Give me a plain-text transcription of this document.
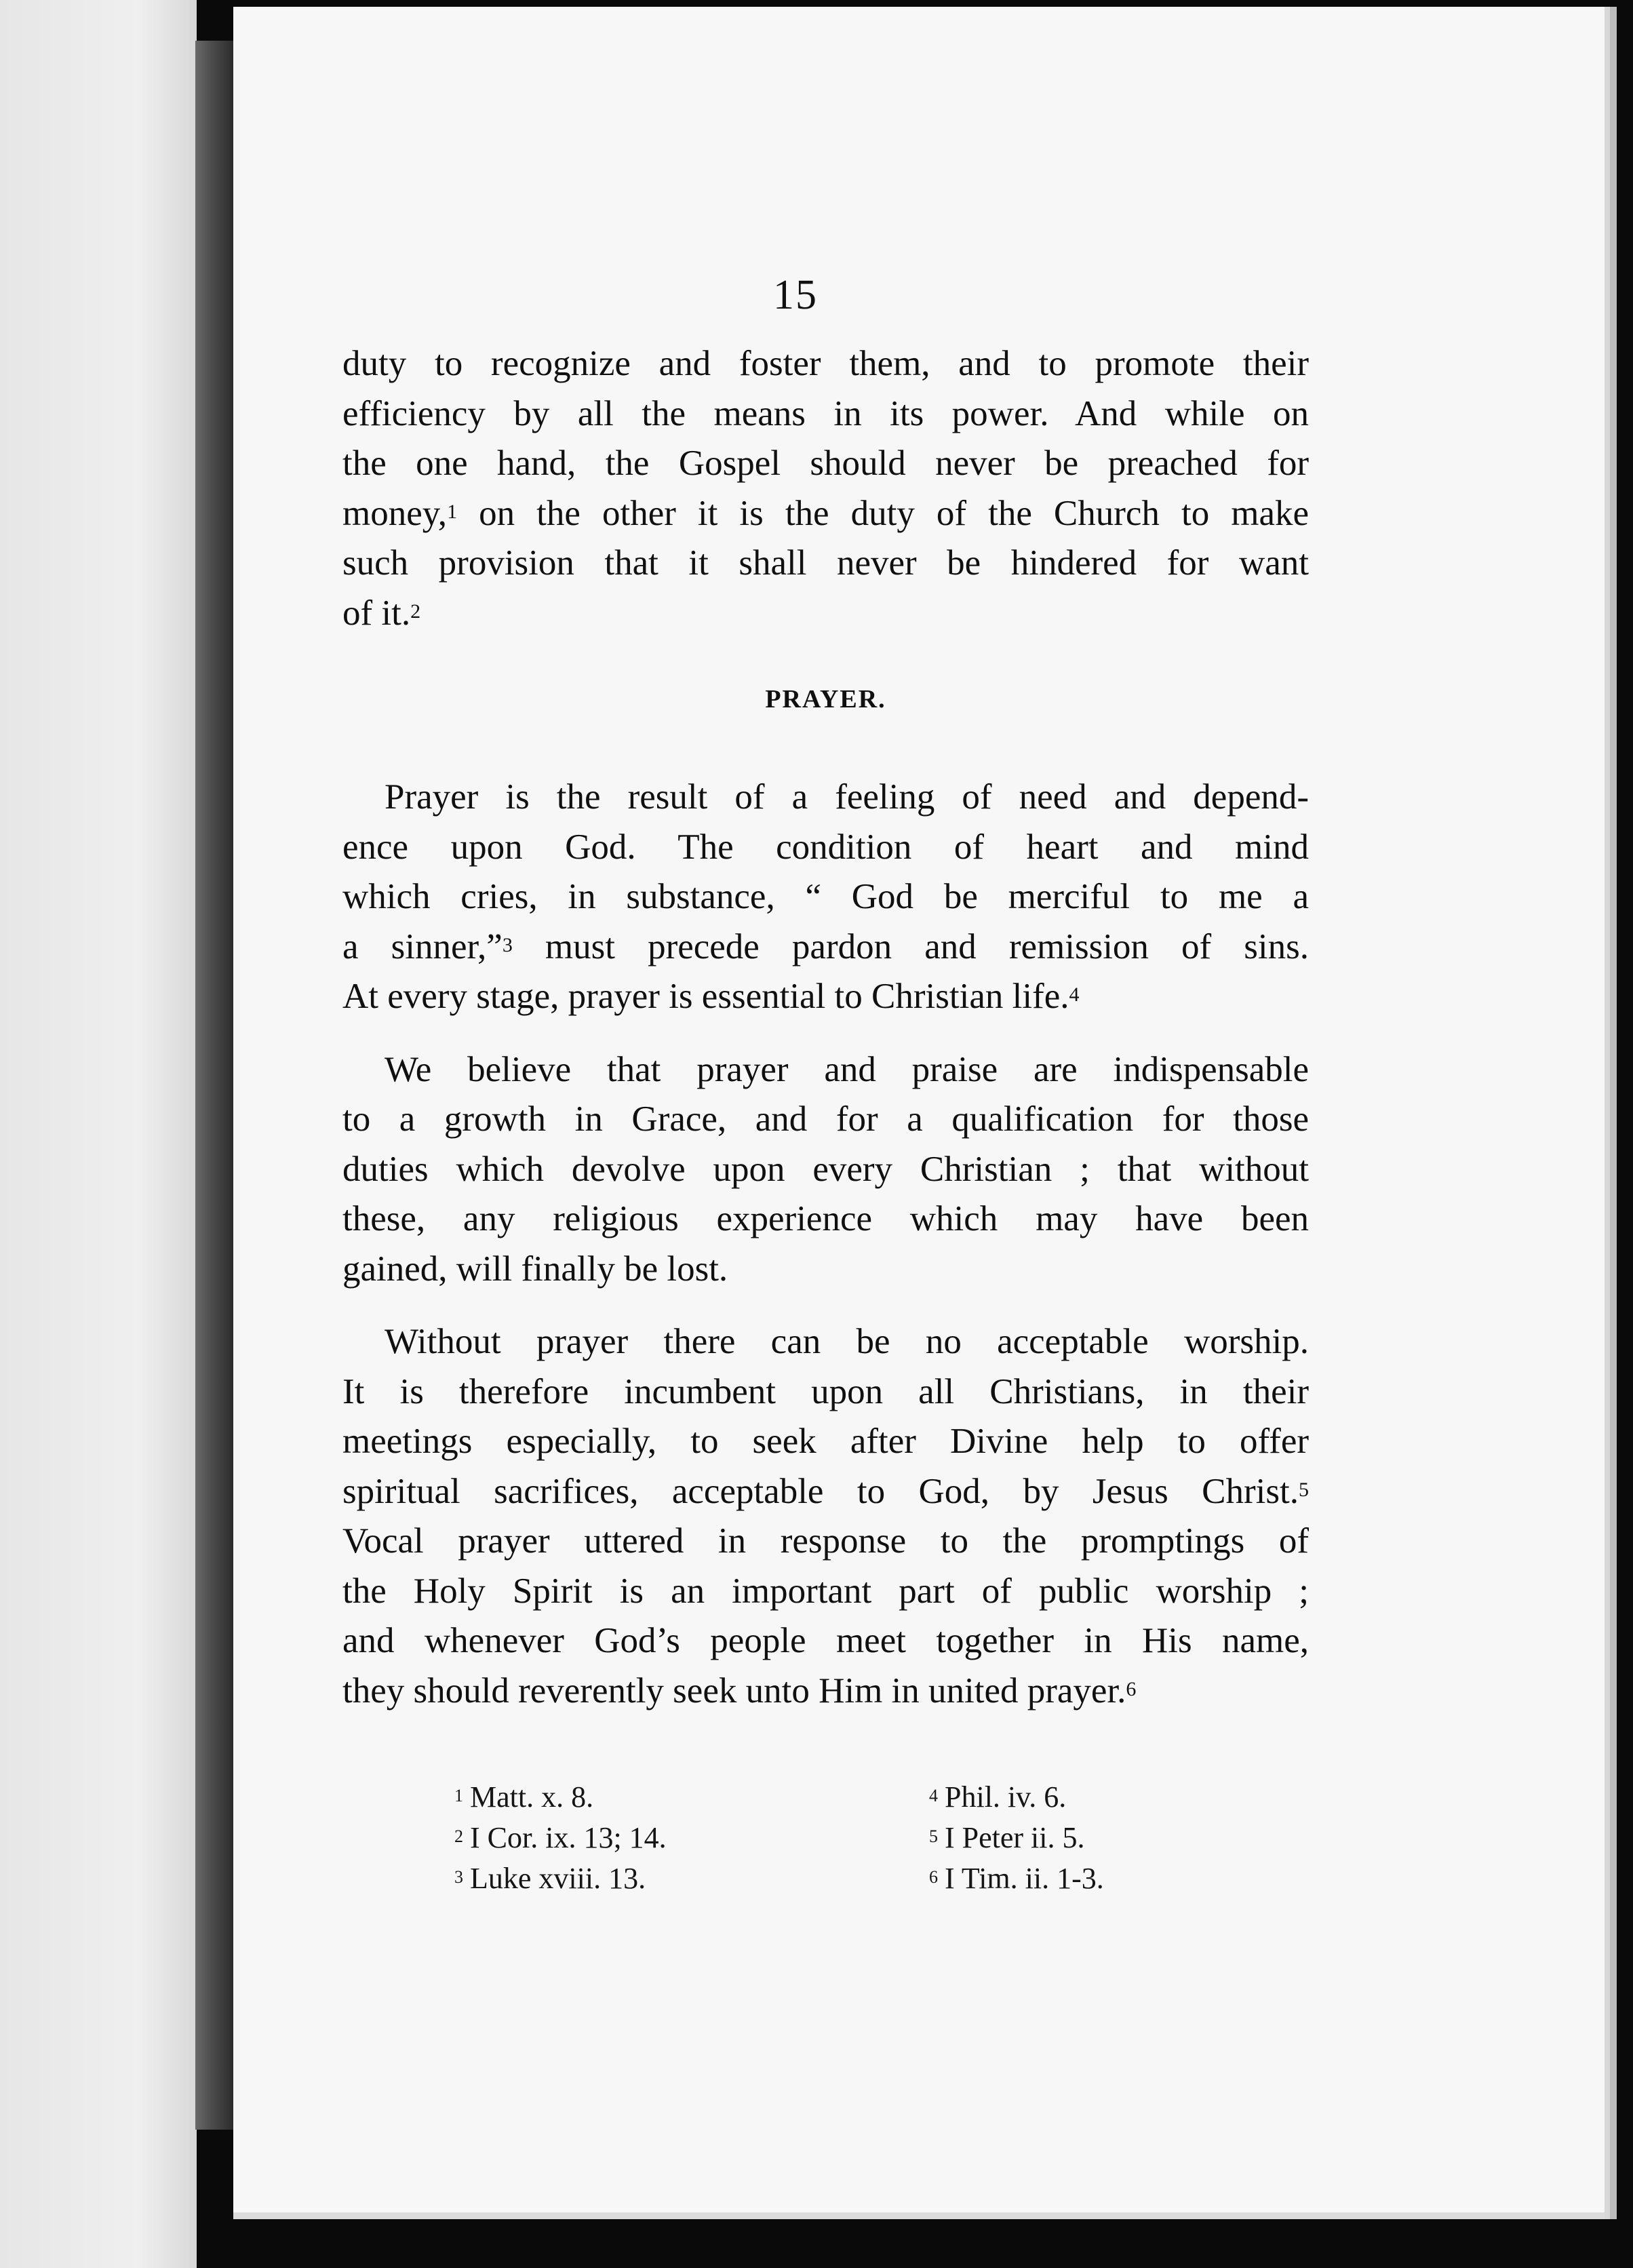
15
duty to recognize and foster them, and to promote their
efficiency by all the means in its power. And while on
the one hand, the Gospel should never be preached for
money,$^1$ on the other it is the duty of the Church to make
such provision that it shall never be hindered for want
of it.$^2$
PRAYER.
Prayer is the result of a feeling of need and depend-
ence upon God. The condition of heart and mind
which cries, in substance, “ God be merciful to me a
a sinner,”$^3$ must precede pardon and remission of sins.
At every stage, prayer is essential to Christian life.$^4$
We believe that prayer and praise are indispensable
to a growth in Grace, and for a qualification for those
duties which devolve upon every Christian ; that without
these, any religious experience which may have been
gained, will finally be lost.
Without prayer there can be no acceptable worship.
It is therefore incumbent upon all Christians, in their
meetings especially, to seek after Divine help to offer
spiritual sacrifices, acceptable to God, by Jesus Christ.$^5$
Vocal prayer uttered in response to the promptings of
the Holy Spirit is an important part of public worship ;
and whenever God’s people meet together in His name,
they should reverently seek unto Him in united prayer.$^6$
$^1$ Matt. x. 8.
$^2$ I Cor. ix. 13; 14.
$^3$ Luke xviii. 13.
$^4$ Phil. iv. 6.
$^5$ I Peter ii. 5.
$^6$ I Tim. ii. 1-3.
